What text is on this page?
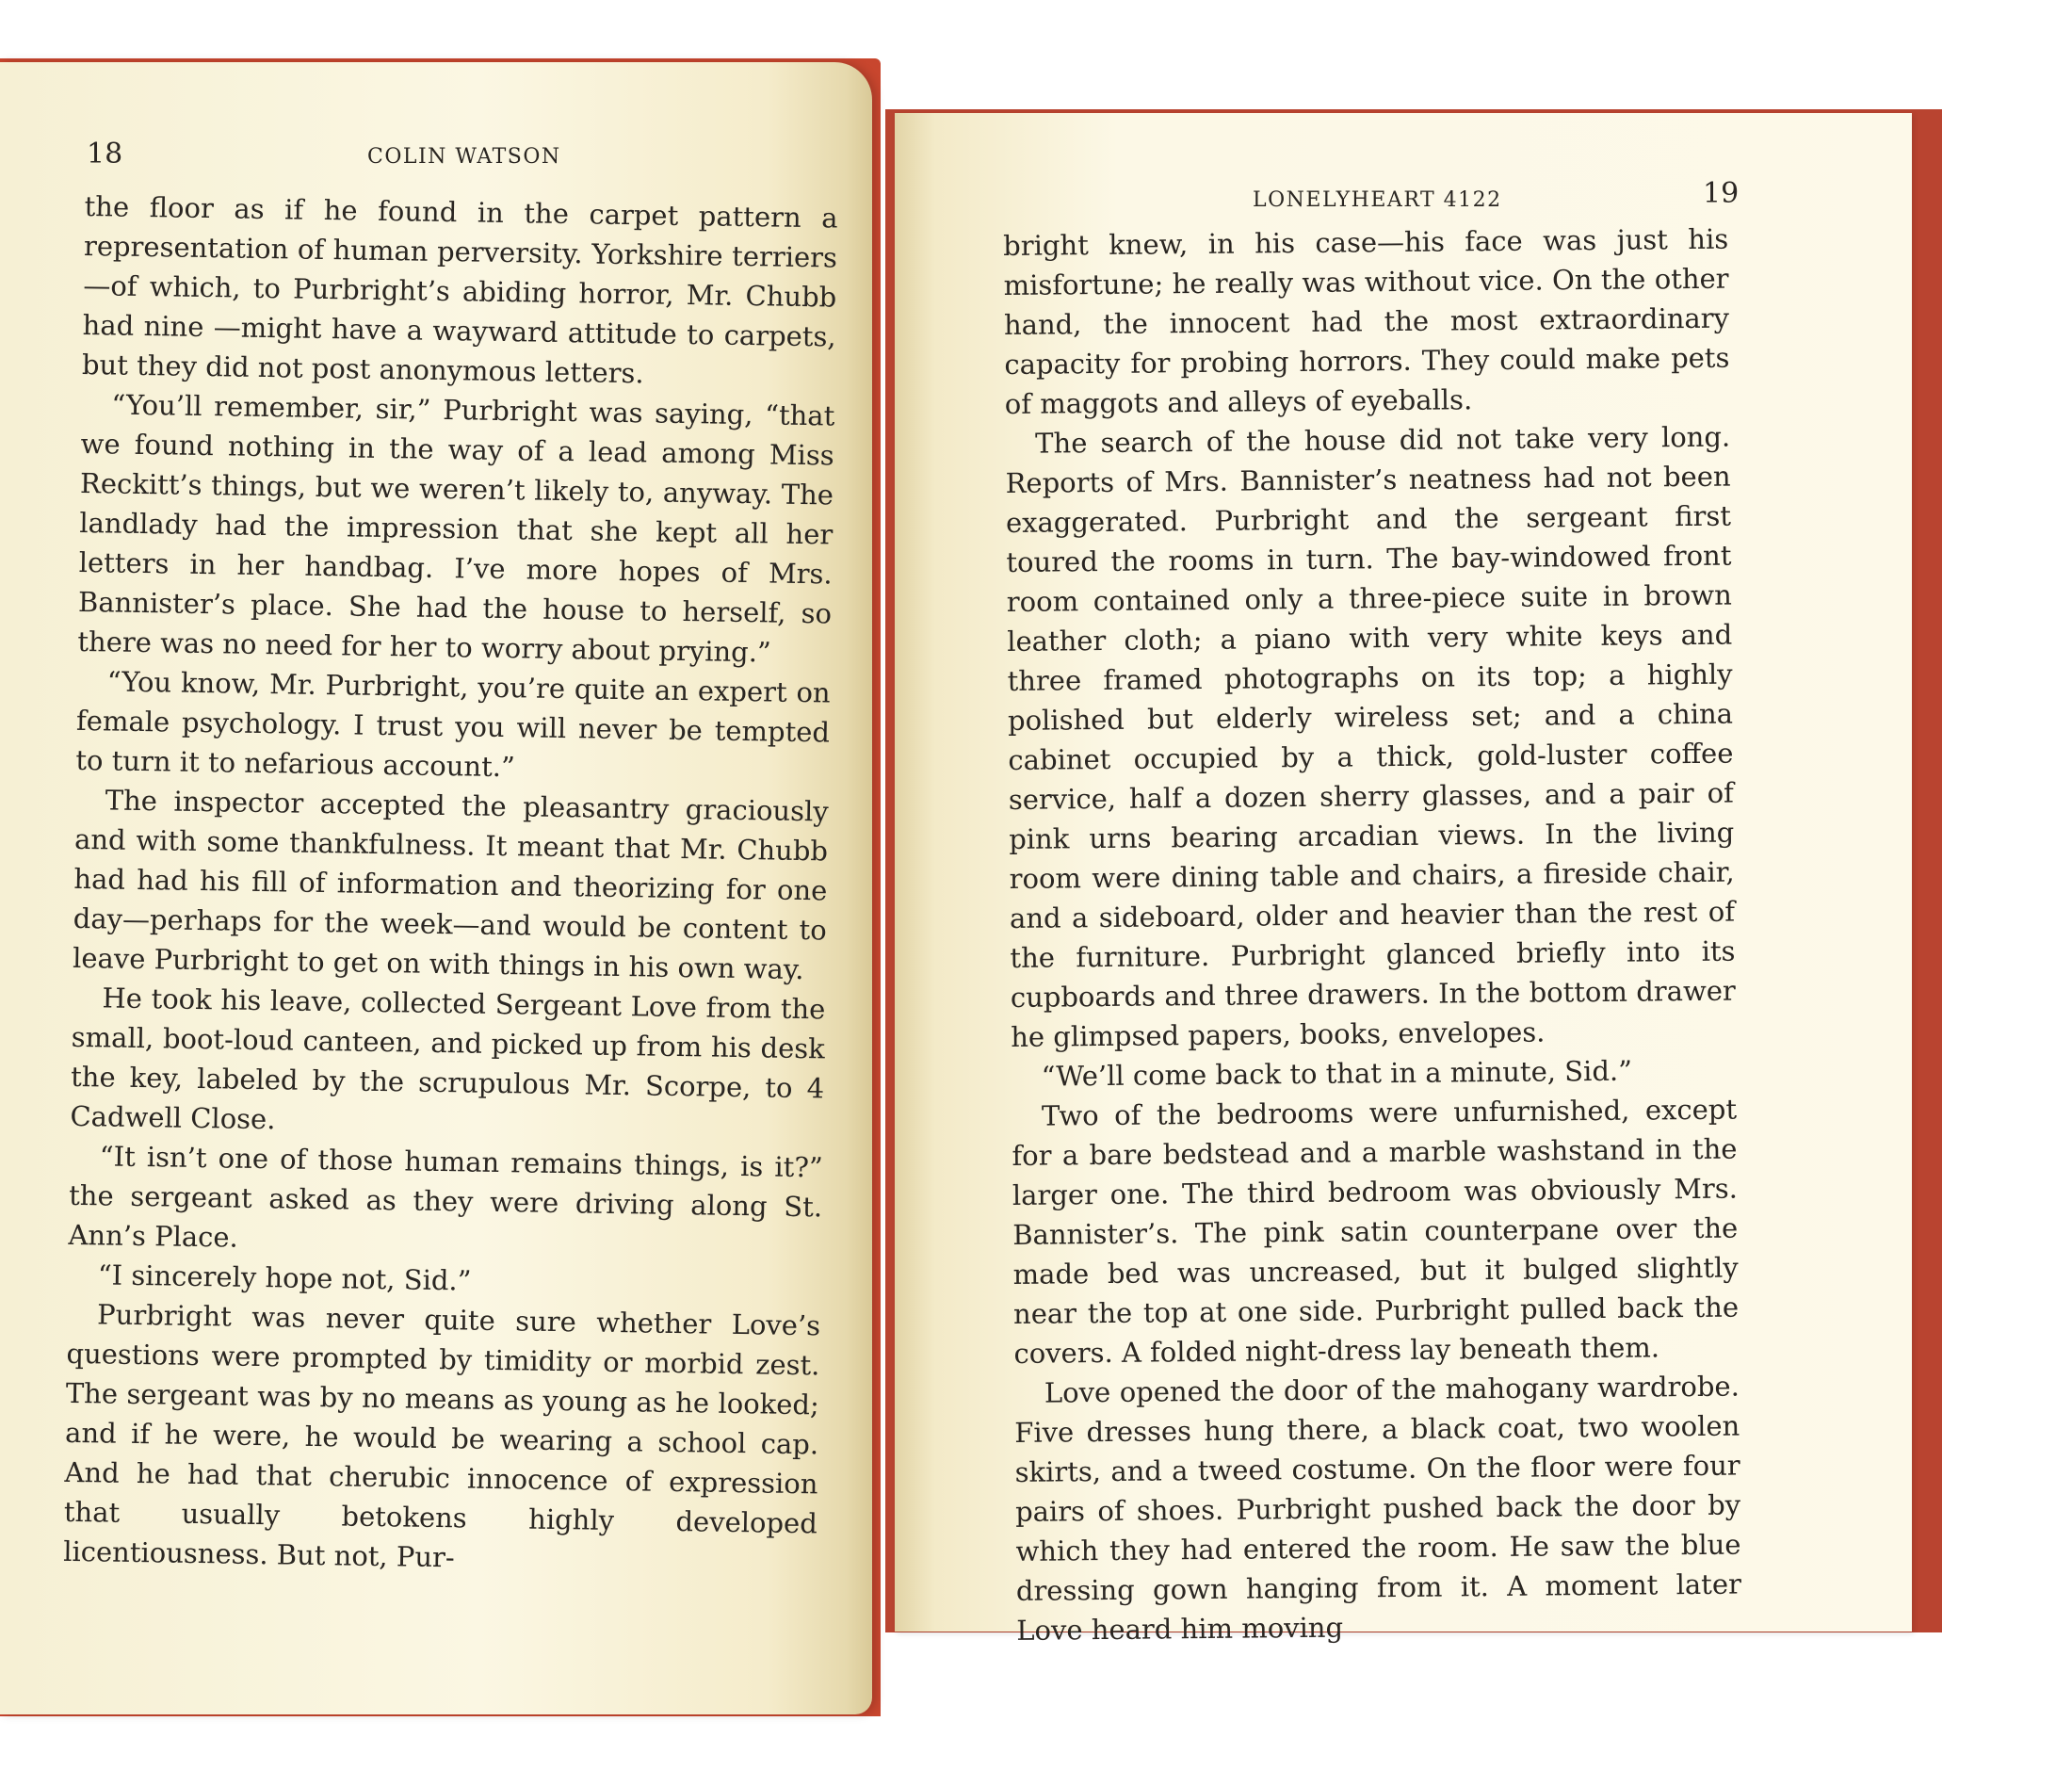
18	COLIN WATSON

the floor as if he found in the carpet pattern a representation of human perversity. Yorkshire terriers—of which, to Purbright’s abiding horror, Mr. Chubb had nine —might have a wayward attitude to carpets, but they did not post anonymous letters.

“You’ll remember, sir,” Purbright was saying, “that we found nothing in the way of a lead among Miss Reckitt’s things, but we weren’t likely to, anyway. The landlady had the impression that she kept all her letters in her handbag. I’ve more hopes of Mrs. Bannister’s place. She had the house to herself, so there was no need for her to worry about prying.”

“You know, Mr. Purbright, you’re quite an expert on female psychology. I trust you will never be tempted to turn it to nefarious account.”

The inspector accepted the pleasantry graciously and with some thankfulness. It meant that Mr. Chubb had had his fill of information and theorizing for one day—perhaps for the week—and would be content to leave Purbright to get on with things in his own way.

He took his leave, collected Sergeant Love from the small, boot-loud canteen, and picked up from his desk the key, labeled by the scrupulous Mr. Scorpe, to 4 Cadwell Close.

“It isn’t one of those human remains things, is it?” the sergeant asked as they were driving along St. Ann’s Place.

“I sincerely hope not, Sid.”

Purbright was never quite sure whether Love’s questions were prompted by timidity or morbid zest. The sergeant was by no means as young as he looked; and if he were, he would be wearing a school cap. And he had that cherubic innocence of expression that usually betokens highly developed licentiousness. But not, Pur-

LONELYHEART 4122	19

bright knew, in his case—his face was just his misfortune; he really was without vice. On the other hand, the innocent had the most extraordinary capacity for probing horrors. They could make pets of maggots and alleys of eyeballs.

The search of the house did not take very long. Reports of Mrs. Bannister’s neatness had not been exaggerated. Purbright and the sergeant first toured the rooms in turn. The bay-windowed front room contained only a three-piece suite in brown leather cloth; a piano with very white keys and three framed photographs on its top; a highly polished but elderly wireless set; and a china cabinet occupied by a thick, gold-luster coffee service, half a dozen sherry glasses, and a pair of pink urns bearing arcadian views. In the living room were dining table and chairs, a fireside chair, and a sideboard, older and heavier than the rest of the furniture. Purbright glanced briefly into its cupboards and three drawers. In the bottom drawer he glimpsed papers, books, envelopes.

“We’ll come back to that in a minute, Sid.”

Two of the bedrooms were unfurnished, except for a bare bedstead and a marble washstand in the larger one. The third bedroom was obviously Mrs. Bannister’s. The pink satin counterpane over the made bed was uncreased, but it bulged slightly near the top at one side. Purbright pulled back the covers. A folded night-dress lay beneath them.

Love opened the door of the mahogany wardrobe. Five dresses hung there, a black coat, two woolen skirts, and a tweed costume. On the floor were four pairs of shoes. Purbright pushed back the door by which they had entered the room. He saw the blue dressing gown hanging from it. A moment later Love heard him moving
